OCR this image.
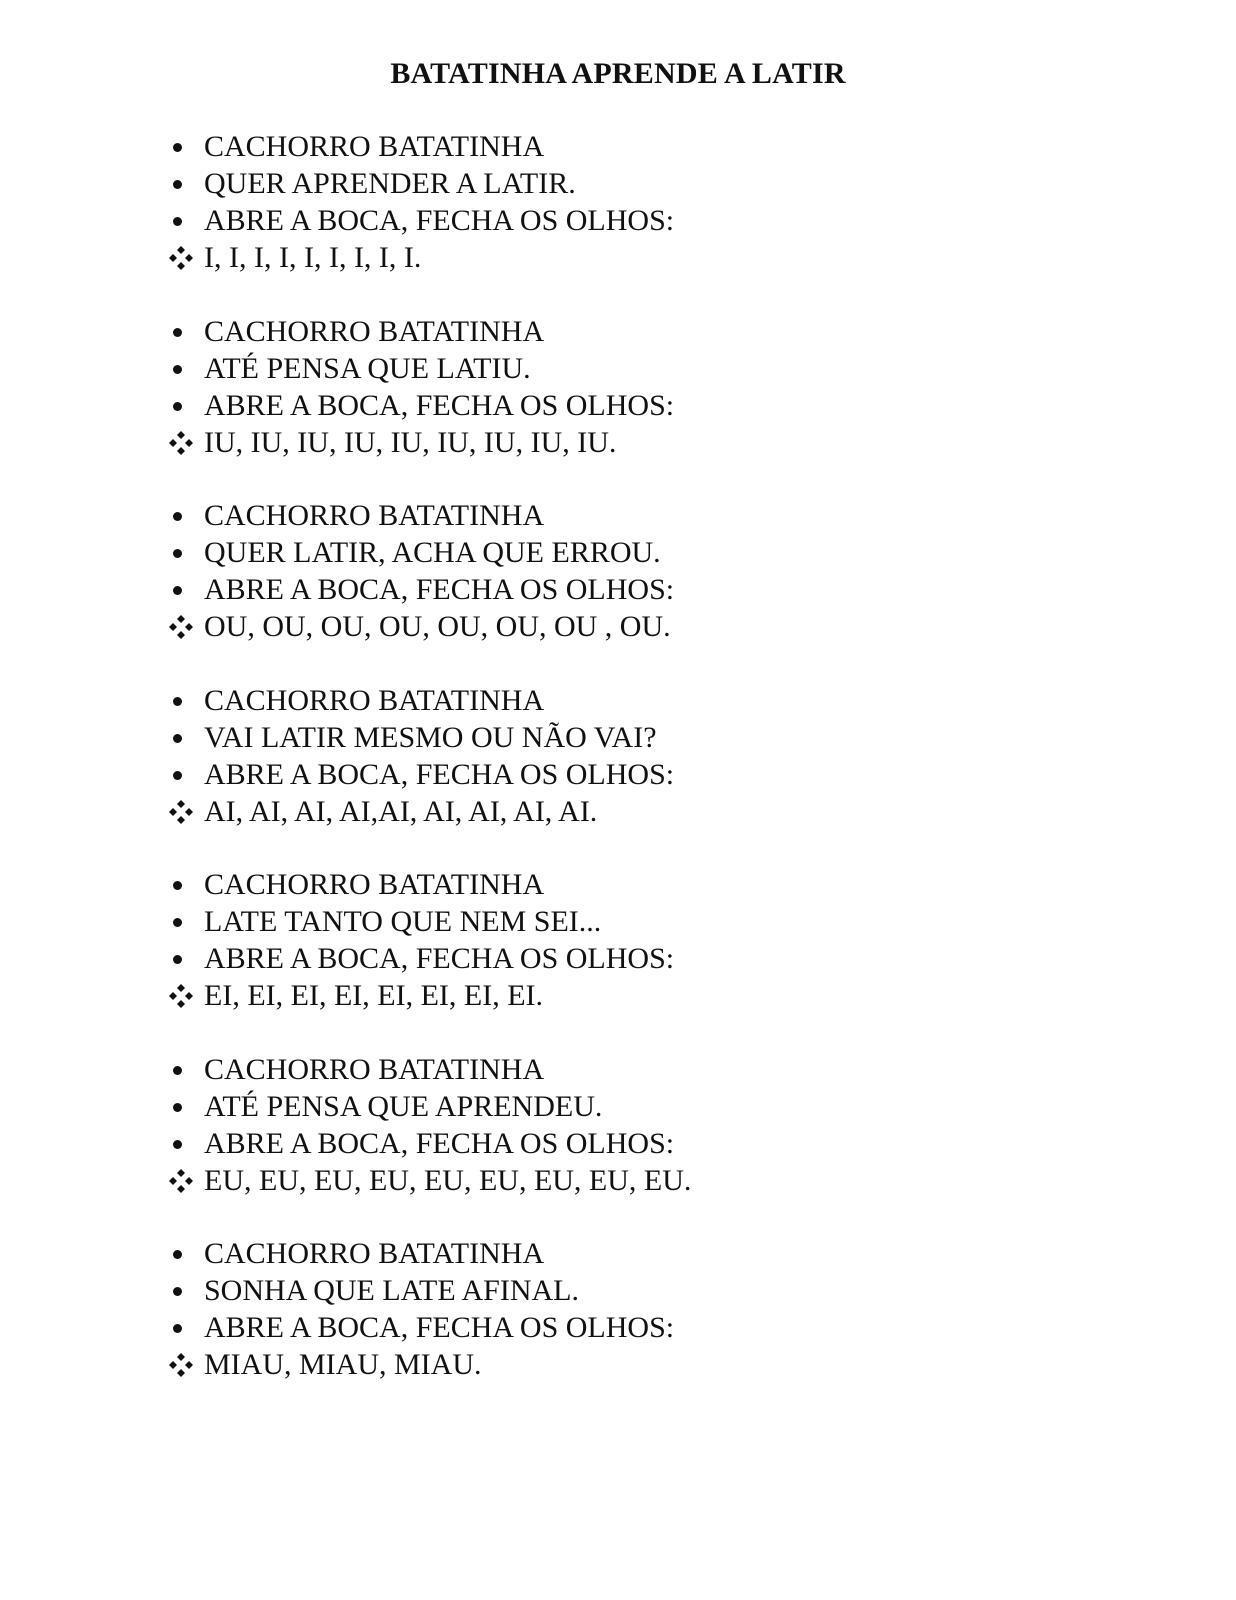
BATATINHA APRENDE A LATIR
CACHORRO BATATINHA
QUER APRENDER A LATIR.
ABRE A BOCA, FECHA OS OLHOS:
I, I, I, I, I, I, I, I, I.
CACHORRO BATATINHA
ATÉ PENSA QUE LATIU.
ABRE A BOCA, FECHA OS OLHOS:
IU, IU, IU, IU, IU, IU, IU, IU, IU.
CACHORRO BATATINHA
QUER LATIR, ACHA QUE ERROU.
ABRE A BOCA, FECHA OS OLHOS:
OU, OU, OU, OU, OU, OU, OU , OU.
CACHORRO BATATINHA
VAI LATIR MESMO OU NÃO VAI?
ABRE A BOCA, FECHA OS OLHOS:
AI, AI, AI, AI,AI, AI, AI, AI, AI.
CACHORRO BATATINHA
LATE TANTO QUE NEM SEI...
ABRE A BOCA, FECHA OS OLHOS:
EI, EI, EI, EI, EI, EI, EI, EI.
CACHORRO BATATINHA
ATÉ PENSA QUE APRENDEU.
ABRE A BOCA, FECHA OS OLHOS:
EU, EU, EU, EU, EU, EU, EU, EU, EU.
CACHORRO BATATINHA
SONHA QUE LATE AFINAL.
ABRE A BOCA, FECHA OS OLHOS:
MIAU, MIAU, MIAU.
